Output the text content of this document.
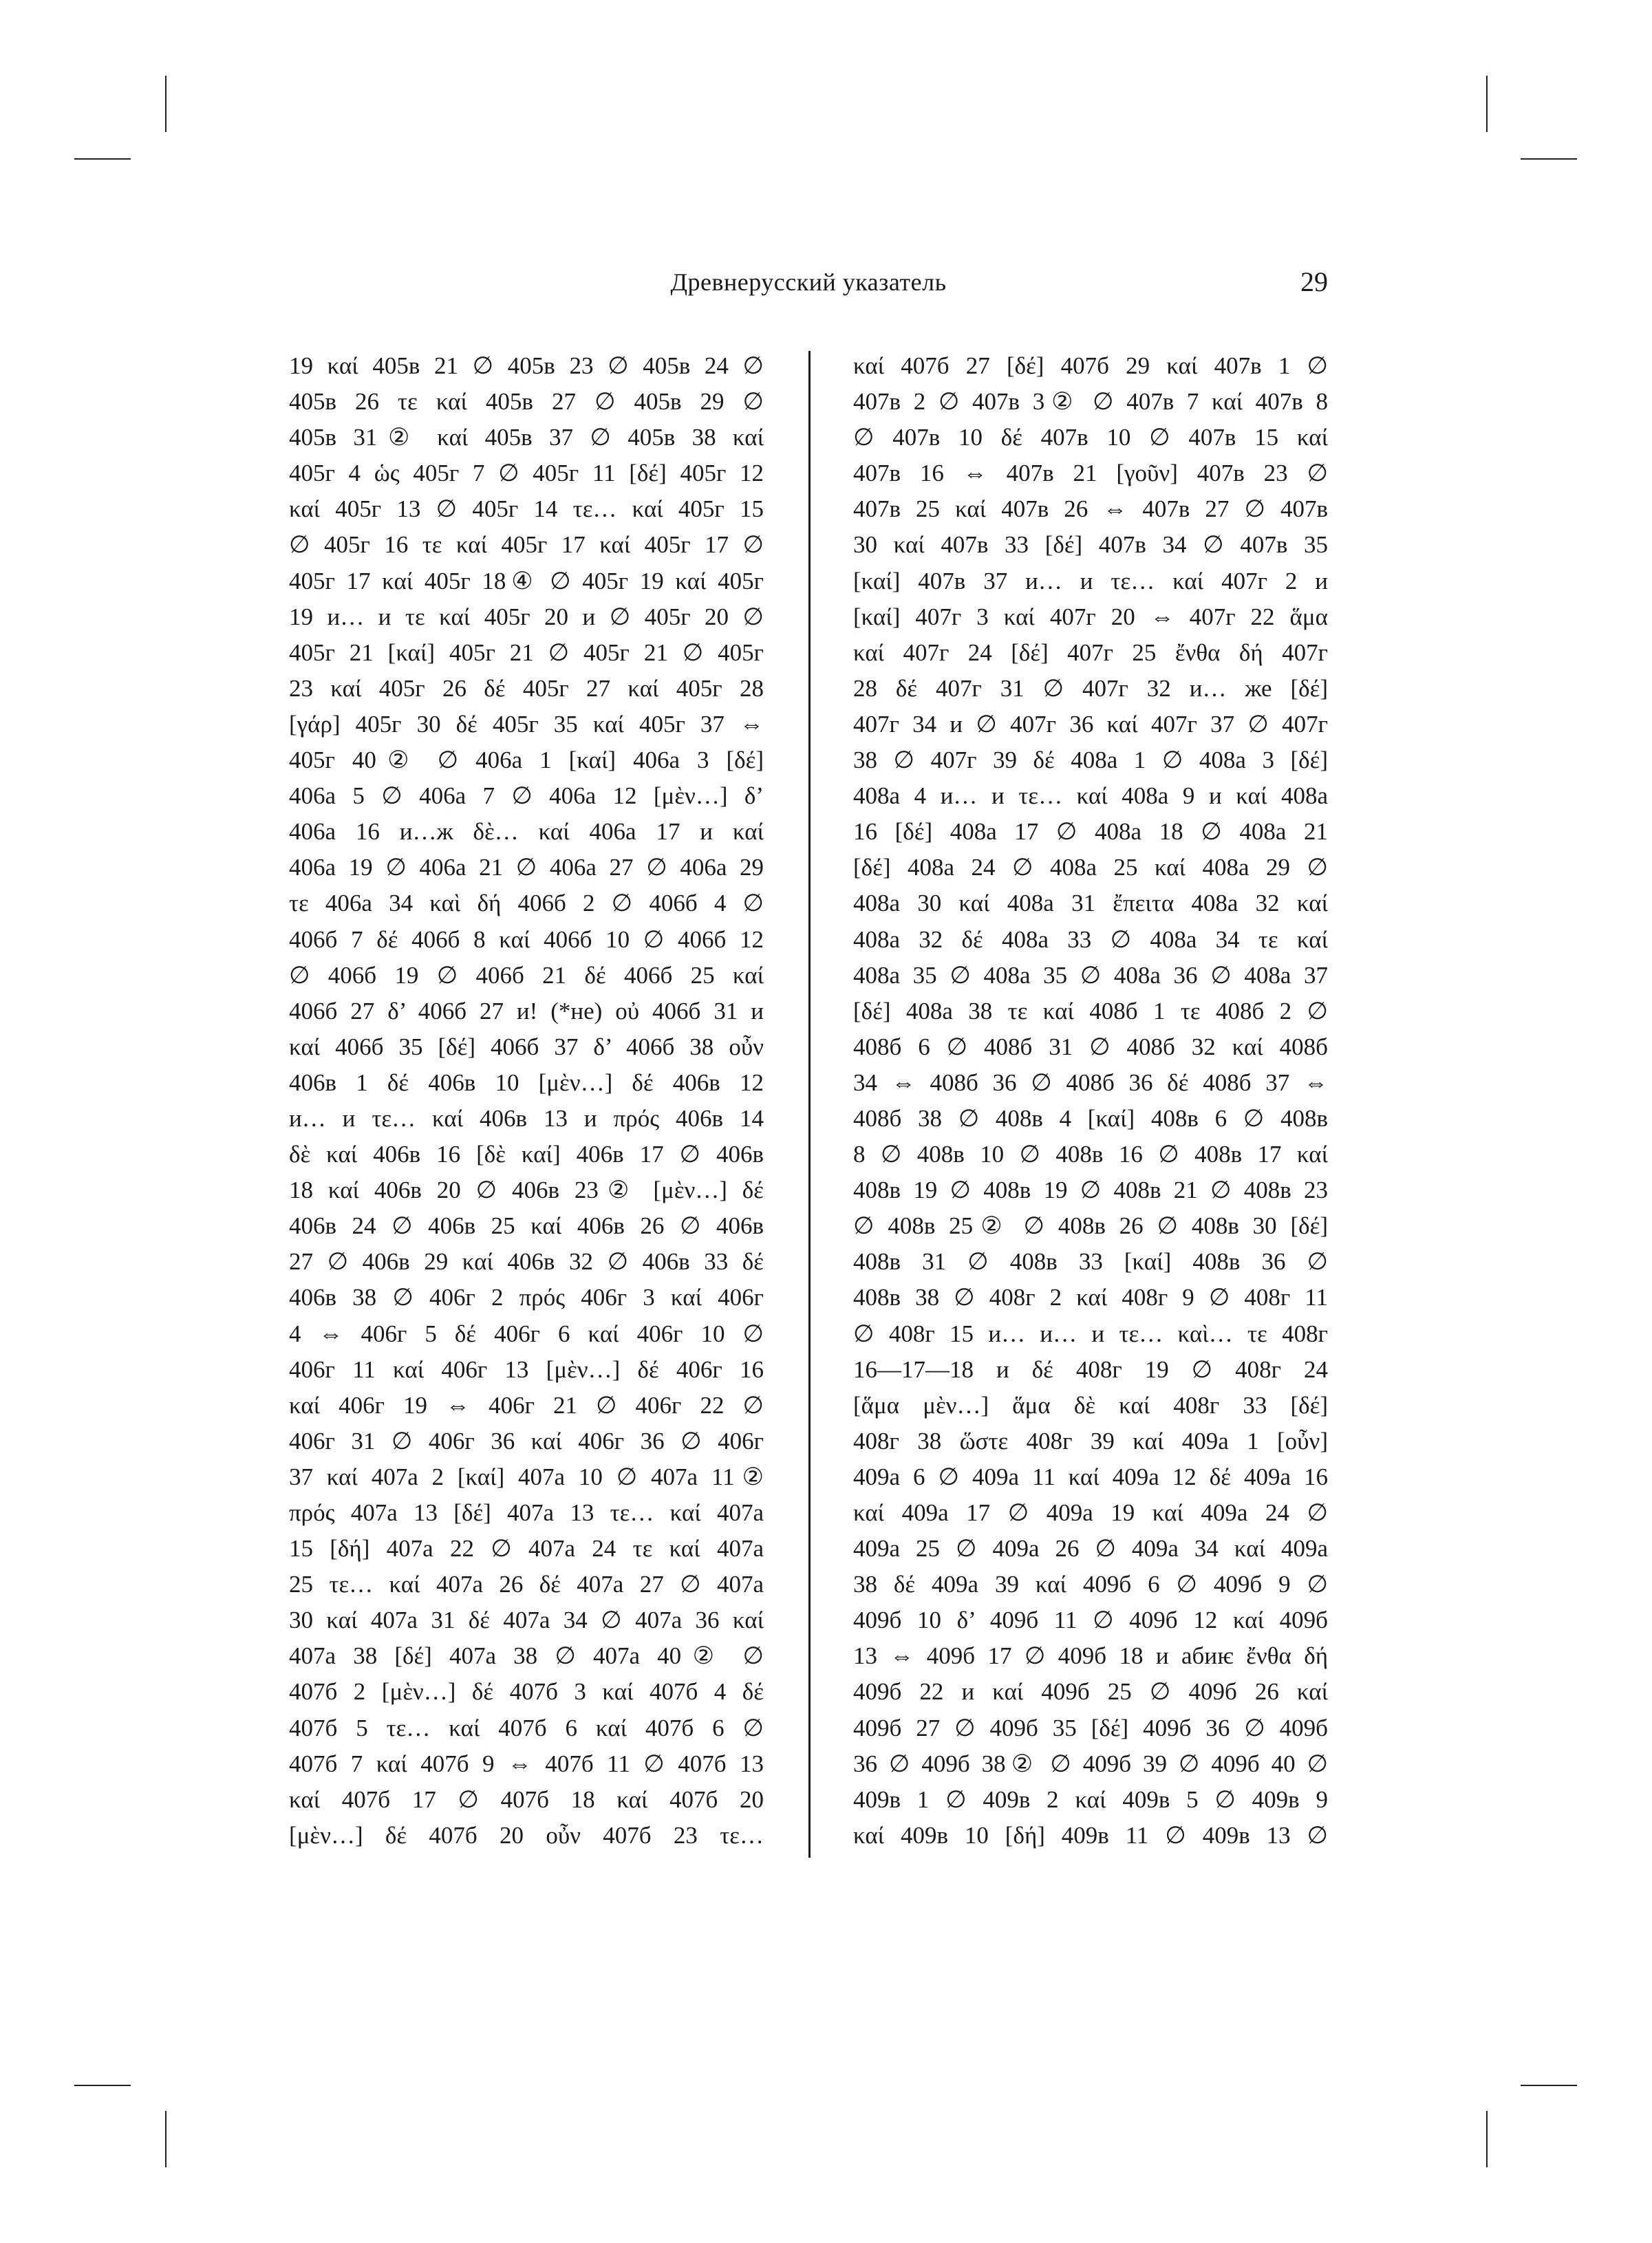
Древнерусский указатель	29
19 καί 405в 21 ∅ 405в 23 ∅ 405в 24 ∅
405в 26 τε καί 405в 27 ∅ 405в 29 ∅
405в 31② καί 405в 37 ∅ 405в 38 καί
405г 4 ὡς 405г 7 ∅ 405г 11 [δέ] 405г 12
καί 405г 13 ∅ 405г 14 τε… καί 405г 15
∅ 405г 16 τε καί 405г 17 καί 405г 17 ∅
405г 17 καί 405г 18④ ∅ 405г 19 καί 405г
19 и… и τε καί 405г 20 и ∅ 405г 20 ∅
405г 21 [καί] 405г 21 ∅ 405г 21 ∅ 405г
23 καί 405г 26 δέ 405г 27 καί 405г 28
[γάρ] 405г 30 δέ 405г 35 καί 405г 37 ⇔
405г 40② ∅ 406а 1 [καί] 406а 3 [δέ]
406а 5 ∅ 406а 7 ∅ 406а 12 [μὲν…] δ’
406а 16 и…ж δὲ… καί 406а 17 и καί
406а 19 ∅ 406а 21 ∅ 406а 27 ∅ 406а 29
τε 406а 34 καὶ δή 406б 2 ∅ 406б 4 ∅
406б 7 δέ 406б 8 καί 406б 10 ∅ 406б 12
∅ 406б 19 ∅ 406б 21 δέ 406б 25 καί
406б 27 δ’ 406б 27 и! (*не) οὐ 406б 31 и
καί 406б 35 [δέ] 406б 37 δ’ 406б 38 οὖν
406в 1 δέ 406в 10 [μὲν…] δέ 406в 12
и… и τε… καί 406в 13 и πρός 406в 14
δὲ καί 406в 16 [δὲ καί] 406в 17 ∅ 406в
18 καί 406в 20 ∅ 406в 23② [μὲν…] δέ
406в 24 ∅ 406в 25 καί 406в 26 ∅ 406в
27 ∅ 406в 29 καί 406в 32 ∅ 406в 33 δέ
406в 38 ∅ 406г 2 πρός 406г 3 καί 406г
4 ⇔ 406г 5 δέ 406г 6 καί 406г 10 ∅
406г 11 καί 406г 13 [μὲν…] δέ 406г 16
καί 406г 19 ⇔ 406г 21 ∅ 406г 22 ∅
406г 31 ∅ 406г 36 καί 406г 36 ∅ 406г
37 καί 407а 2 [καί] 407а 10 ∅ 407а 11②
πρός 407а 13 [δέ] 407а 13 τε… καί 407а
15 [δή] 407а 22 ∅ 407а 24 τε καί 407а
25 τε… καί 407а 26 δέ 407а 27 ∅ 407а
30 καί 407а 31 δέ 407а 34 ∅ 407а 36 καί
407а 38 [δέ] 407а 38 ∅ 407а 40② ∅
407б 2 [μὲν…] δέ 407б 3 καί 407б 4 δέ
407б 5 τε… καί 407б 6 καί 407б 6 ∅
407б 7 καί 407б 9 ⇔ 407б 11 ∅ 407б 13
καί 407б 17 ∅ 407б 18 καί 407б 20
[μὲν…] δέ 407б 20 οὖν 407б 23 τε…
καί 407б 27 [δέ] 407б 29 καί 407в 1 ∅
407в 2 ∅ 407в 3② ∅ 407в 7 καί 407в 8
∅ 407в 10 δέ 407в 10 ∅ 407в 15 καί
407в 16 ⇔ 407в 21 [γοῦν] 407в 23 ∅
407в 25 καί 407в 26 ⇔ 407в 27 ∅ 407в
30 καί 407в 33 [δέ] 407в 34 ∅ 407в 35
[καί] 407в 37 и… и τε… καί 407г 2 и
[καί] 407г 3 καί 407г 20 ⇔ 407г 22 ἅμα
καί 407г 24 [δέ] 407г 25 ἔνθα δή 407г
28 δέ 407г 31 ∅ 407г 32 и… же [δέ]
407г 34 и ∅ 407г 36 καί 407г 37 ∅ 407г
38 ∅ 407г 39 δέ 408а 1 ∅ 408а 3 [δέ]
408а 4 и… и τε… καί 408а 9 и καί 408а
16 [δέ] 408а 17 ∅ 408а 18 ∅ 408а 21
[δέ] 408а 24 ∅ 408а 25 καί 408а 29 ∅
408а 30 καί 408а 31 ἔπειτα 408а 32 καί
408а 32 δέ 408а 33 ∅ 408а 34 τε καί
408а 35 ∅ 408а 35 ∅ 408а 36 ∅ 408а 37
[δέ] 408а 38 τε καί 408б 1 τε 408б 2 ∅
408б 6 ∅ 408б 31 ∅ 408б 32 καί 408б
34 ⇔ 408б 36 ∅ 408б 36 δέ 408б 37 ⇔
408б 38 ∅ 408в 4 [καί] 408в 6 ∅ 408в
8 ∅ 408в 10 ∅ 408в 16 ∅ 408в 17 καί
408в 19 ∅ 408в 19 ∅ 408в 21 ∅ 408в 23
∅ 408в 25② ∅ 408в 26 ∅ 408в 30 [δέ]
408в 31 ∅ 408в 33 [καί] 408в 36 ∅
408в 38 ∅ 408г 2 καί 408г 9 ∅ 408г 11
∅ 408г 15 и… и… и τε… καὶ… τε 408г
16—17—18 и δέ 408г 19 ∅ 408г 24
[ἅμα μὲν…] ἅμα δὲ καί 408г 33 [δέ]
408г 38 ὥστε 408г 39 καί 409а 1 [οὖν]
409а 6 ∅ 409а 11 καί 409а 12 δέ 409а 16
καί 409а 17 ∅ 409а 19 καί 409а 24 ∅
409а 25 ∅ 409а 26 ∅ 409а 34 καί 409а
38 δέ 409а 39 καί 409б 6 ∅ 409б 9 ∅
409б 10 δ’ 409б 11 ∅ 409б 12 καί 409б
13 ⇔ 409б 17 ∅ 409б 18 и абиѥ ἔνθα δή
409б 22 и καί 409б 25 ∅ 409б 26 καί
409б 27 ∅ 409б 35 [δέ] 409б 36 ∅ 409б
36 ∅ 409б 38② ∅ 409б 39 ∅ 409б 40 ∅
409в 1 ∅ 409в 2 καί 409в 5 ∅ 409в 9
καί 409в 10 [δή] 409в 11 ∅ 409в 13 ∅
